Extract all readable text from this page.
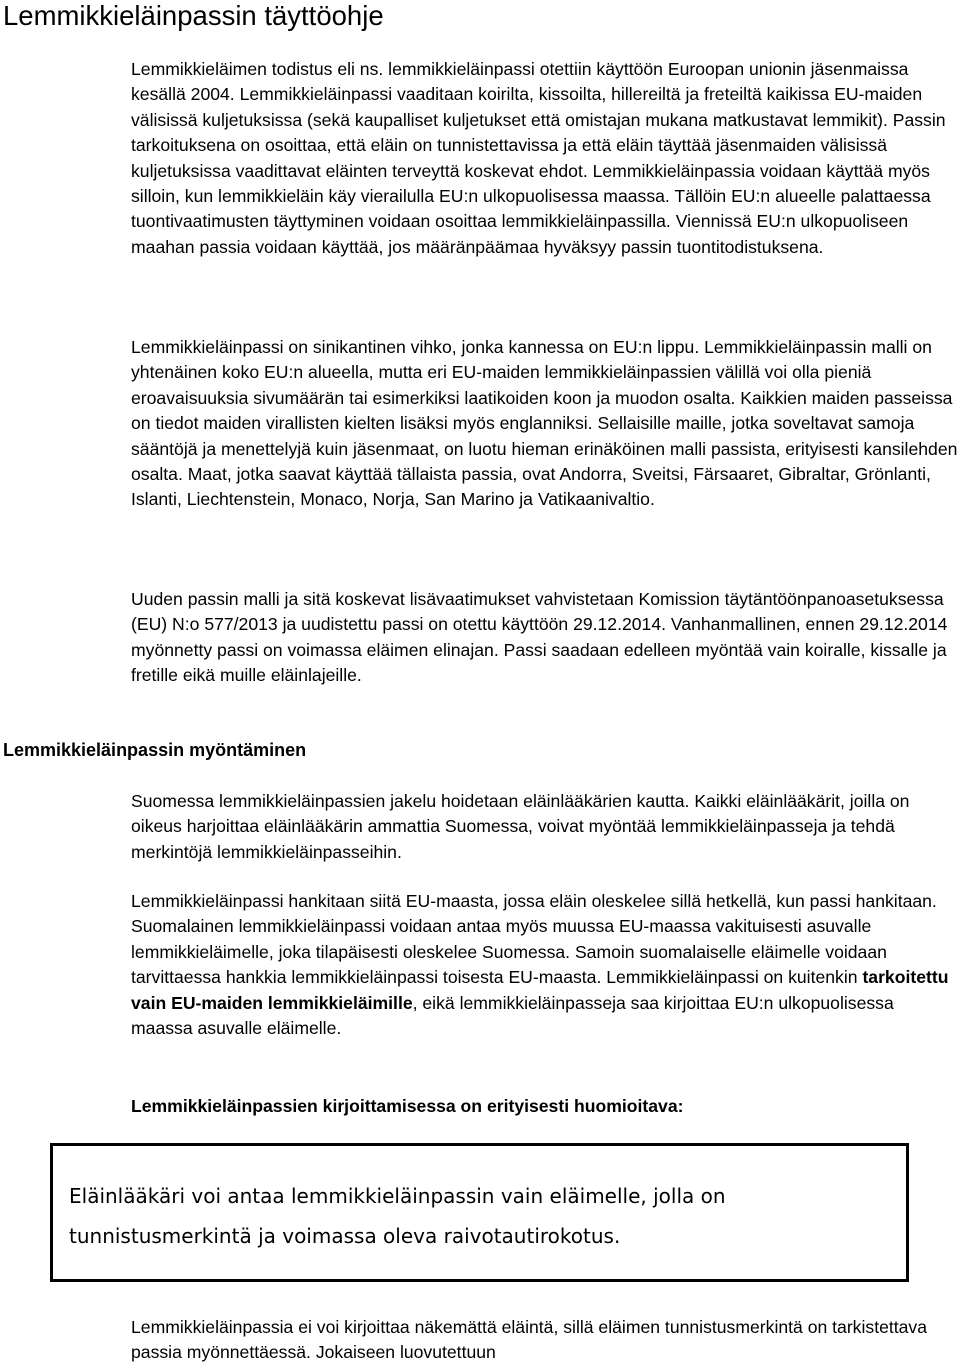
Lemmikkieläinpassin täyttöohje

Lemmikkieläimen todistus eli ns. lemmikkieläinpassi otettiin käyttöön Euroopan unionin jäsenmaissa kesällä 2004. Lemmikkieläinpassi vaaditaan koirilta, kissoilta, hillereiltä ja freteiltä kaikissa EU-maiden välisissä kuljetuksissa (sekä kaupalliset kuljetukset että omistajan mukana matkustavat lemmikit). Passin tarkoituksena on osoittaa, että eläin on tunnistettavissa ja että eläin täyttää jäsenmaiden välisissä kuljetuksissa vaadittavat eläinten terveyttä koskevat ehdot. Lemmikkieläinpassia voidaan käyttää myös silloin, kun lemmikkieläin käy vierailulla EU:n ulkopuolisessa maassa. Tällöin EU:n alueelle palattaessa tuontivaatimusten täyttyminen voidaan osoittaa lemmikkieläinpassilla. Viennissä EU:n ulkopuoliseen maahan passia voidaan käyttää, jos määränpäämaa hyväksyy passin tuontitodistuksena.

Lemmikkieläinpassi on sinikantinen vihko, jonka kannessa on EU:n lippu. Lemmikkieläinpassin malli on yhtenäinen koko EU:n alueella, mutta eri EU-maiden lemmikkieläinpassien välillä voi olla pieniä eroavaisuuksia sivumäärän tai esimerkiksi laatikoiden koon ja muodon osalta. Kaikkien maiden passeissa on tiedot maiden virallisten kielten lisäksi myös englanniksi. Sellaisille maille, jotka soveltavat samoja sääntöjä ja menettelyjä kuin jäsenmaat, on luotu hieman erinäköinen malli passista, erityisesti kansilehden osalta. Maat, jotka saavat käyttää tällaista passia, ovat Andorra, Sveitsi, Färsaaret, Gibraltar, Grönlanti, Islanti, Liechtenstein, Monaco, Norja, San Marino ja Vatikaanivaltio.

Uuden passin malli ja sitä koskevat lisävaatimukset vahvistetaan Komission täytäntöönpanoasetuksessa (EU) N:o 577/2013 ja uudistettu passi on otettu käyttöön 29.12.2014. Vanhanmallinen, ennen 29.12.2014 myönnetty passi on voimassa eläimen elinajan. Passi saadaan edelleen myöntää vain koiralle, kissalle ja fretille eikä muille eläinlajeille.

Lemmikkieläinpassin myöntäminen

Suomessa lemmikkieläinpassien jakelu hoidetaan eläinlääkärien kautta. Kaikki eläinlääkärit, joilla on oikeus harjoittaa eläinlääkärin ammattia Suomessa, voivat myöntää lemmikkieläinpasseja ja tehdä merkintöjä lemmikkieläinpasseihin.

Lemmikkieläinpassi hankitaan siitä EU-maasta, jossa eläin oleskelee sillä hetkellä, kun passi hankitaan. Suomalainen lemmikkieläinpassi voidaan antaa myös muussa EU-maassa vakituisesti asuvalle lemmikkieläimelle, joka tilapäisesti oleskelee Suomessa. Samoin suomalaiselle eläimelle voidaan tarvittaessa hankkia lemmikkieläinpassi toisesta EU-maasta. Lemmikkieläinpassi on kuitenkin tarkoitettu vain EU-maiden lemmikkieläimille, eikä lemmikkieläinpasseja saa kirjoittaa EU:n ulkopuolisessa maassa asuvalle eläimelle.

Lemmikkieläinpassien kirjoittamisessa on erityisesti huomioitava:

Eläinlääkäri voi antaa lemmikkieläinpassin vain eläimelle, jolla on tunnistusmerkintä ja voimassa oleva raivotautirokotus.

Lemmikkieläinpassia ei voi kirjoittaa näkemättä eläintä, sillä eläimen tunnistusmerkintä on tarkistettava passia myönnettäessä. Jokaiseen luovutettuun
